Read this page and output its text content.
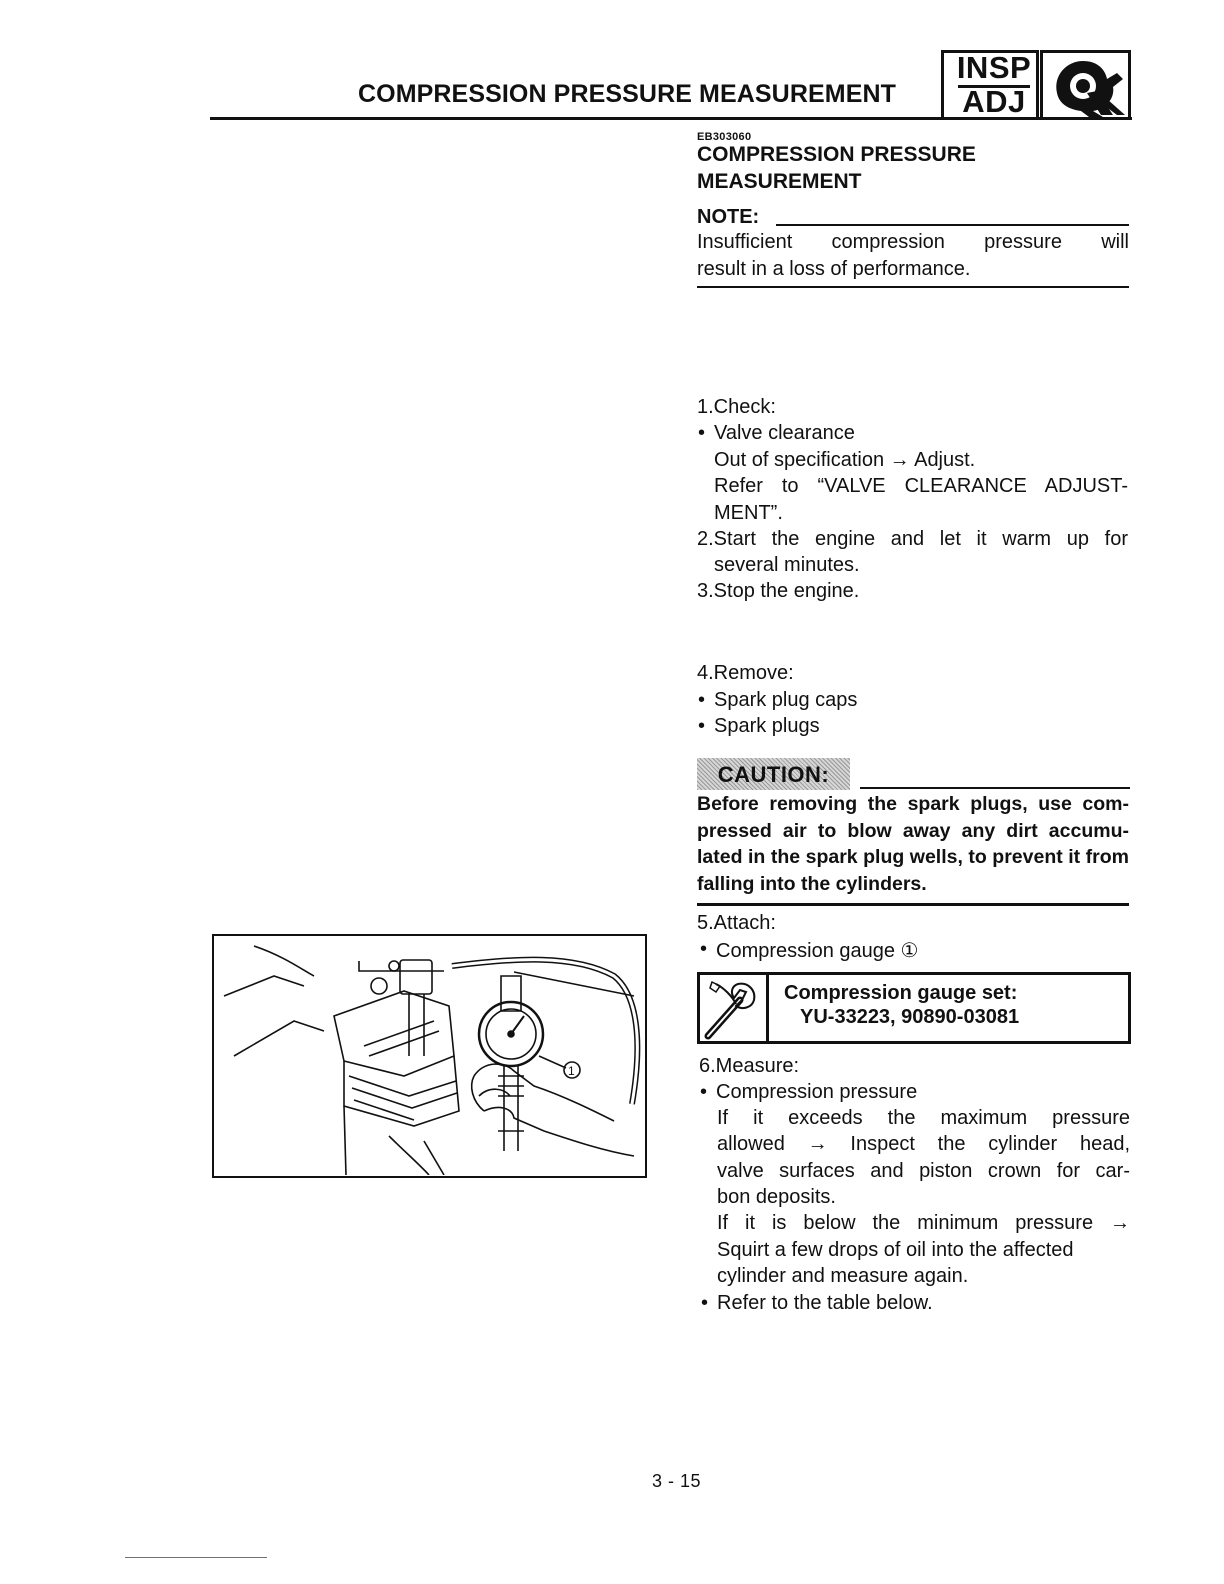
COMPRESSION PRESSURE MEASUREMENT
INSP
ADJ
EB303060
COMPRESSION PRESSURE
MEASUREMENT
NOTE:
Insufficient compression pressure will
result in a loss of performance.
1.Check:
• Valve clearance
Out of specification → Adjust.
Refer to “VALVE CLEARANCE ADJUST-
MENT”.
2.Start the engine and let it warm up for
several minutes.
3.Stop the engine.
4.Remove:
• Spark plug caps
• Spark plugs
CAUTION:
Before removing the spark plugs, use com-pressed air to blow away any dirt accumu-lated in the spark plug wells, to prevent it from falling into the cylinders.
5.Attach:
• Compression gauge ①
Compression gauge set:
YU-33223, 90890-03081
6.Measure:
• Compression pressure
If it exceeds the maximum pressure
allowed → Inspect the cylinder head,
valve surfaces and piston crown for car-
bon deposits.
If it is below the minimum pressure →
Squirt a few drops of oil into the affected
cylinder and measure again.
• Refer to the table below.
1
3 - 15
